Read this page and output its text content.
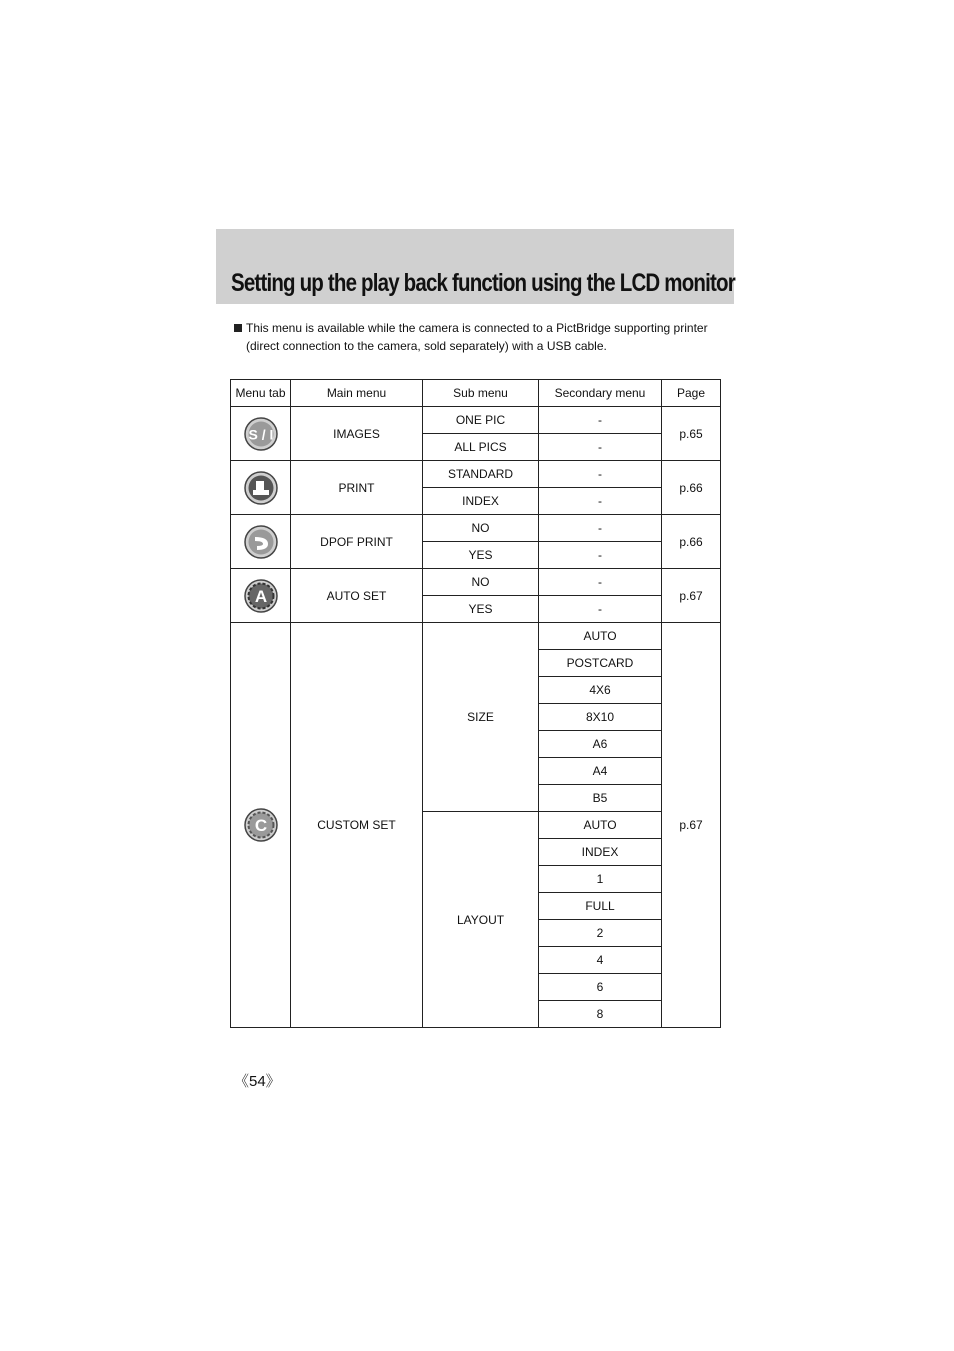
Setting up the play back function using the LCD monitor
This menu is available while the camera is connected to a PictBridge supporting printer
(direct connection to the camera, sold separately) with a USB cable.
Menu tab	Main menu	Sub menu	Secondary menu	Page

S / I	IMAGES	ONE PIC	-	p.65
		ALL PICS	-	

	PRINT	STANDARD	-	p.66
		INDEX	-	

	DPOF PRINT	NO	-	p.66
		YES	-	

A	AUTO SET	NO	-	p.67
		YES	-	

C	CUSTOM SET	SIZE	AUTO	p.67
			POSTCARD	
			4X6	
			8X10	
			A6	
			A4	
			B5	
		LAYOUT	AUTO	
			INDEX	
			1	
			FULL	
			2	
			4	
			6	
			8	
《54》
